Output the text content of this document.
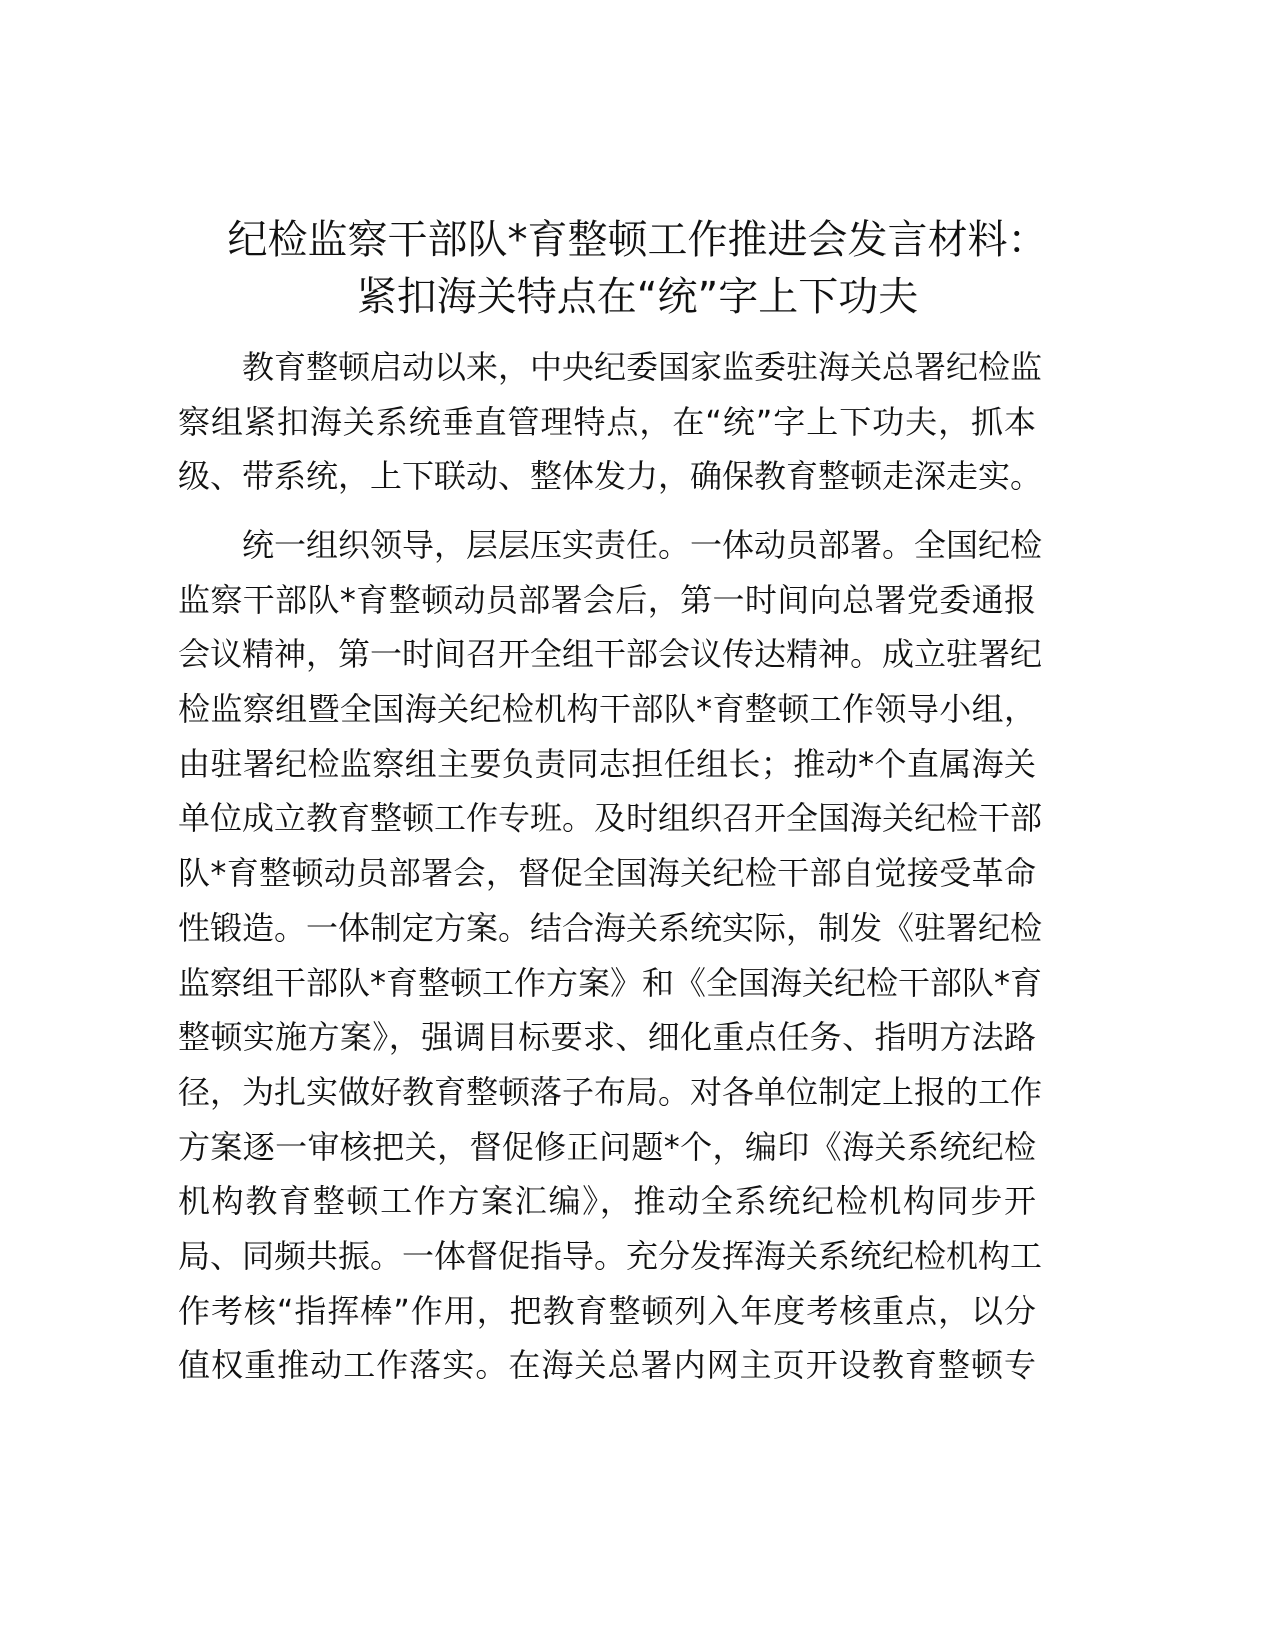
纪检监察干部队*育整顿工作推进会发言材料：
紧扣海关特点在“统”字上下功夫
教育整顿启动以来，中央纪委国家监委驻海关总署纪检监
察组紧扣海关系统垂直管理特点，在“统”字上下功夫，抓本
级、带系统，上下联动、整体发力，确保教育整顿走深走实。
统一组织领导，层层压实责任。一体动员部署。全国纪检
监察干部队*育整顿动员部署会后，第一时间向总署党委通报
会议精神，第一时间召开全组干部会议传达精神。成立驻署纪
检监察组暨全国海关纪检机构干部队*育整顿工作领导小组，
由驻署纪检监察组主要负责同志担任组长；推动*个直属海关
单位成立教育整顿工作专班。及时组织召开全国海关纪检干部
队*育整顿动员部署会，督促全国海关纪检干部自觉接受革命
性锻造。一体制定方案。结合海关系统实际，制发《驻署纪检
监察组干部队*育整顿工作方案》和《全国海关纪检干部队*育
整顿实施方案》，强调目标要求、细化重点任务、指明方法路
径，为扎实做好教育整顿落子布局。对各单位制定上报的工作
方案逐一审核把关，督促修正问题*个，编印《海关系统纪检
机构教育整顿工作方案汇编》，推动全系统纪检机构同步开
局、同频共振。一体督促指导。充分发挥海关系统纪检机构工
作考核“指挥棒”作用，把教育整顿列入年度考核重点，以分
值权重推动工作落实。在海关总署内网主页开设教育整顿专
